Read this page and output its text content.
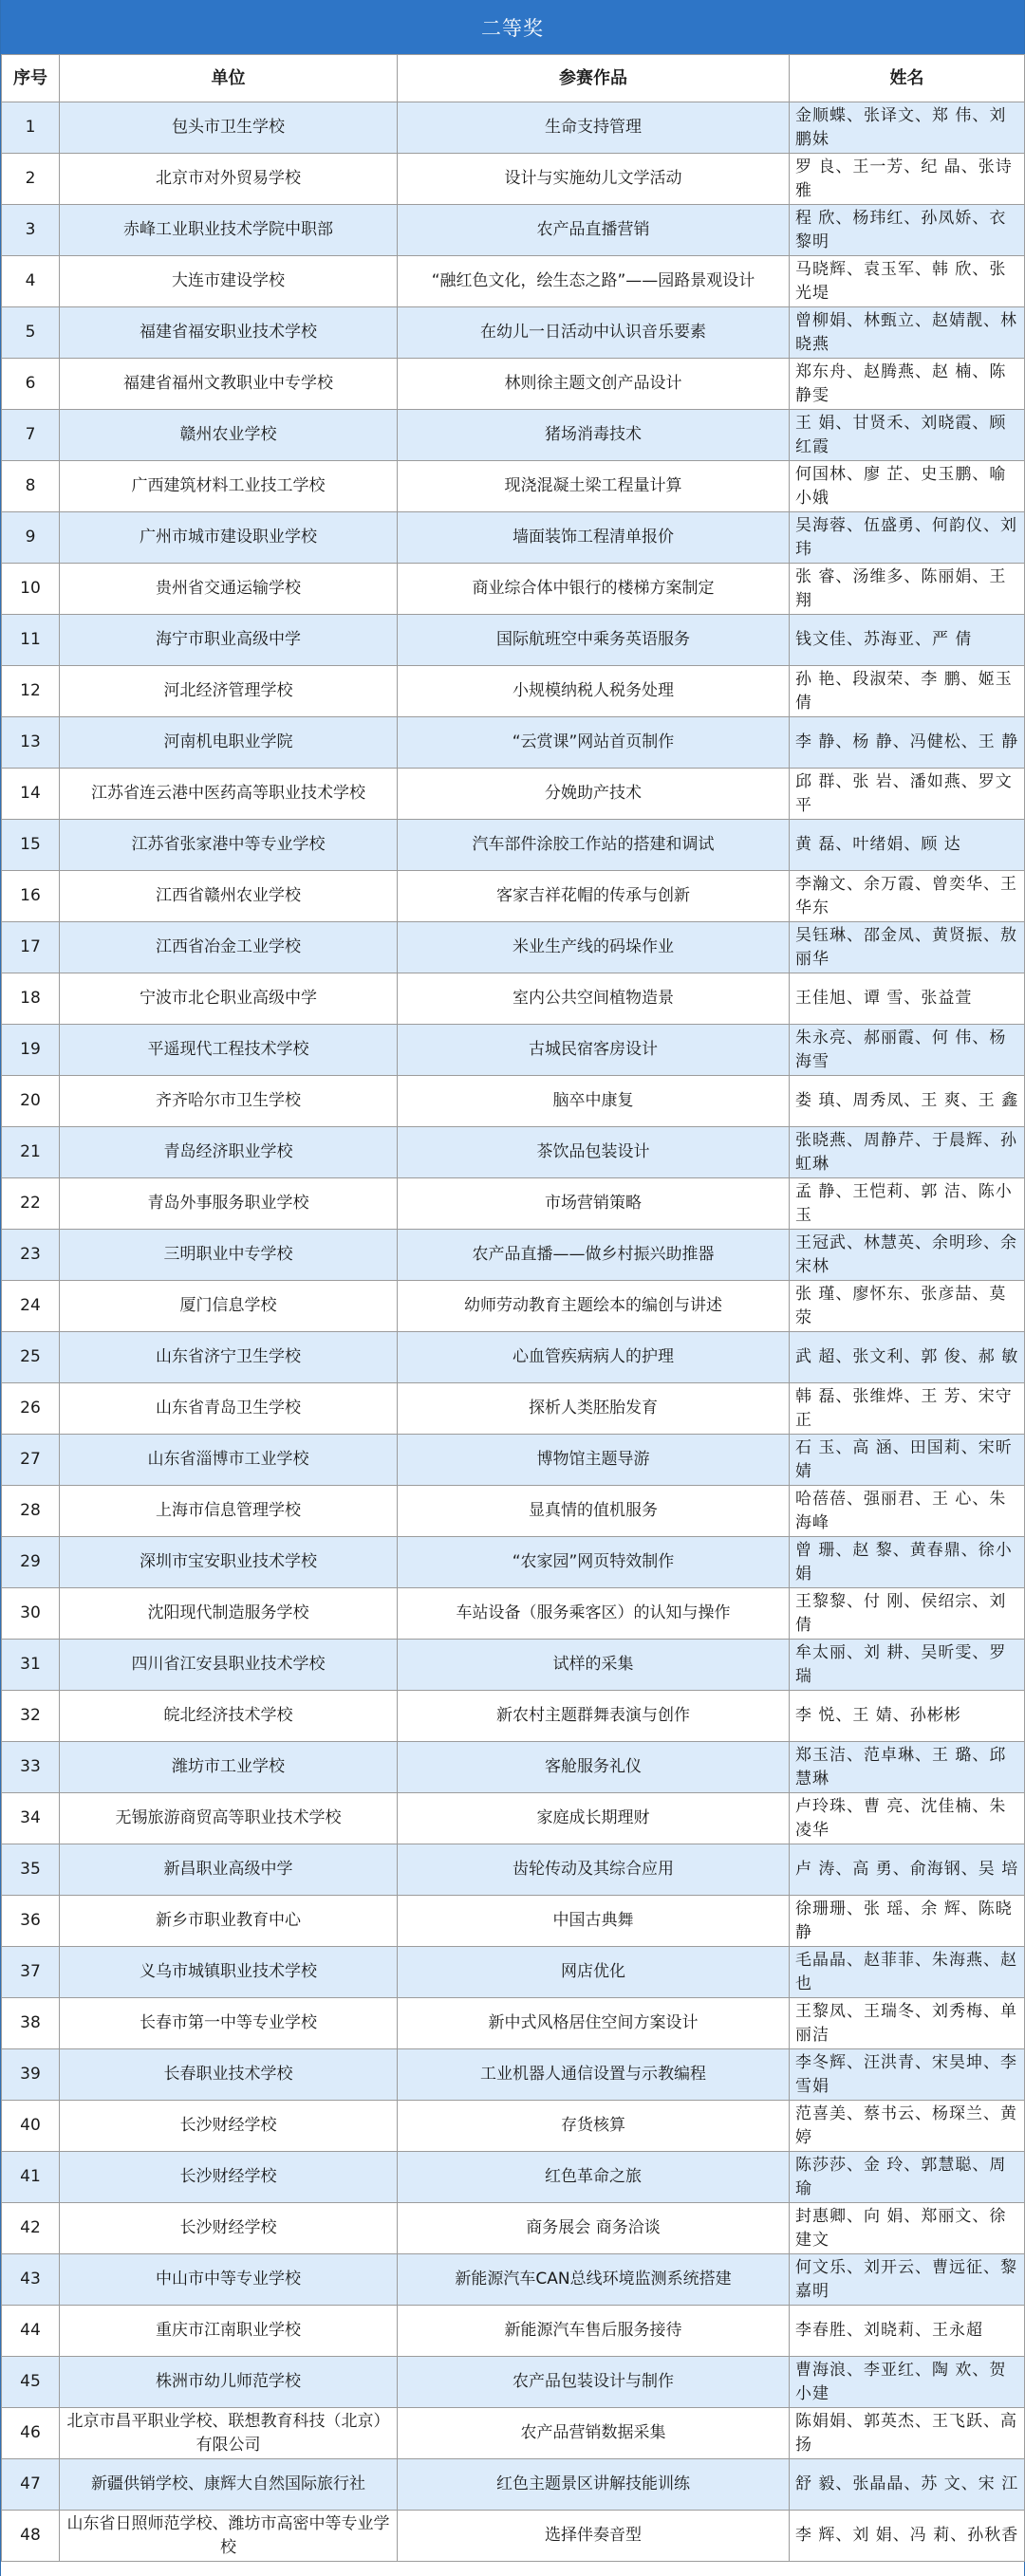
二等奖
序号	单位	参赛作品	姓名
1	包头市卫生学校	生命支持管理	金顺蝶、张译文、郑 伟、刘鹏妹
2	北京市对外贸易学校	设计与实施幼儿文学活动	罗 良、王一芳、纪 晶、张诗雅
3	赤峰工业职业技术学院中职部	农产品直播营销	程 欣、杨玮红、孙凤娇、衣黎明
4	大连市建设学校	“融红色文化，绘生态之路”——园路景观设计	马晓辉、袁玉军、韩 欣、张光堤
5	福建省福安职业技术学校	在幼儿一日活动中认识音乐要素	曾柳娟、林甄立、赵婧靓、林晓燕
6	福建省福州文教职业中专学校	林则徐主题文创产品设计	郑东舟、赵腾燕、赵 楠、陈静雯
7	赣州农业学校	猪场消毒技术	王 娟、甘贤禾、刘晓霞、顾红霞
8	广西建筑材料工业技工学校	现浇混凝土梁工程量计算	何国林、廖 芷、史玉鹏、喻小娥
9	广州市城市建设职业学校	墙面装饰工程清单报价	吴海蓉、伍盛勇、何韵仪、刘 玮
10	贵州省交通运输学校	商业综合体中银行的楼梯方案制定	张 睿、汤维多、陈丽娟、王 翔
11	海宁市职业高级中学	国际航班空中乘务英语服务	钱文佳、苏海亚、严 倩
12	河北经济管理学校	小规模纳税人税务处理	孙 艳、段淑荣、李 鹏、姬玉倩
13	河南机电职业学院	“云赏课”网站首页制作	李 静、杨 静、冯健松、王 静
14	江苏省连云港中医药高等职业技术学校	分娩助产技术	邱 群、张 岩、潘如燕、罗文平
15	江苏省张家港中等专业学校	汽车部件涂胶工作站的搭建和调试	黄 磊、叶绪娟、顾 达
16	江西省赣州农业学校	客家吉祥花帽的传承与创新	李瀚文、余万霞、曾奕华、王华东
17	江西省冶金工业学校	米业生产线的码垛作业	吴钰琳、邵金凤、黄贤振、敖丽华
18	宁波市北仑职业高级中学	室内公共空间植物造景	王佳旭、谭 雪、张益萱
19	平遥现代工程技术学校	古城民宿客房设计	朱永亮、郝丽霞、何 伟、杨海雪
20	齐齐哈尔市卫生学校	脑卒中康复	娄 瑱、周秀凤、王 爽、王 鑫
21	青岛经济职业学校	茶饮品包装设计	张晓燕、周静芹、于晨辉、孙虹琳
22	青岛外事服务职业学校	市场营销策略	孟 静、王恺莉、郭 洁、陈小玉
23	三明职业中专学校	农产品直播——做乡村振兴助推器	王冠武、林慧英、余明珍、余宋林
24	厦门信息学校	幼师劳动教育主题绘本的编创与讲述	张 瑾、廖怀东、张彦喆、莫 荥
25	山东省济宁卫生学校	心血管疾病病人的护理	武 超、张文利、郭 俊、郝 敏
26	山东省青岛卫生学校	探析人类胚胎发育	韩 磊、张维烨、王 芳、宋守正
27	山东省淄博市工业学校	博物馆主题导游	石 玉、高 涵、田国莉、宋昕婧
28	上海市信息管理学校	显真情的值机服务	哈蓓蓓、强丽君、王 心、朱海峰
29	深圳市宝安职业技术学校	“农家园”网页特效制作	曾 珊、赵 黎、黄春鼎、徐小娟
30	沈阳现代制造服务学校	车站设备（服务乘客区）的认知与操作	王黎黎、付 刚、侯绍宗、刘 倩
31	四川省江安县职业技术学校	试样的采集	牟太丽、刘 耕、吴昕雯、罗 瑞
32	皖北经济技术学校	新农村主题群舞表演与创作	李 悦、王 婧、孙彬彬
33	潍坊市工业学校	客舱服务礼仪	郑玉洁、范卓琳、王 璐、邱慧琳
34	无锡旅游商贸高等职业技术学校	家庭成长期理财	卢玲珠、曹 亮、沈佳楠、朱凌华
35	新昌职业高级中学	齿轮传动及其综合应用	卢 涛、高 勇、俞海钢、吴 培
36	新乡市职业教育中心	中国古典舞	徐珊珊、张 瑶、余 辉、陈晓静
37	义乌市城镇职业技术学校	网店优化	毛晶晶、赵菲菲、朱海燕、赵 也
38	长春市第一中等专业学校	新中式风格居住空间方案设计	王黎凤、王瑞冬、刘秀梅、单丽洁
39	长春职业技术学校	工业机器人通信设置与示教编程	李冬辉、汪洪青、宋昊坤、李雪娟
40	长沙财经学校	存货核算	范喜美、蔡书云、杨琛兰、黄 婷
41	长沙财经学校	红色革命之旅	陈莎莎、金 玲、郭慧聪、周 瑜
42	长沙财经学校	商务展会 商务洽谈	封惠卿、向 娟、郑丽文、徐建文
43	中山市中等专业学校	新能源汽车CAN总线环境监测系统搭建	何文乐、刘开云、曹远征、黎嘉明
44	重庆市江南职业学校	新能源汽车售后服务接待	李春胜、刘晓莉、王永超
45	株洲市幼儿师范学校	农产品包装设计与制作	曹海浪、李亚红、陶 欢、贺小建
46	北京市昌平职业学校、联想教育科技（北京）有限公司	农产品营销数据采集	陈娟娟、郭英杰、王飞跃、高 扬
47	新疆供销学校、康辉大自然国际旅行社	红色主题景区讲解技能训练	舒 毅、张晶晶、苏 文、宋 江
48	山东省日照师范学校、潍坊市高密中等专业学校	选择伴奏音型	李 辉、刘 娟、冯 莉、孙秋香
